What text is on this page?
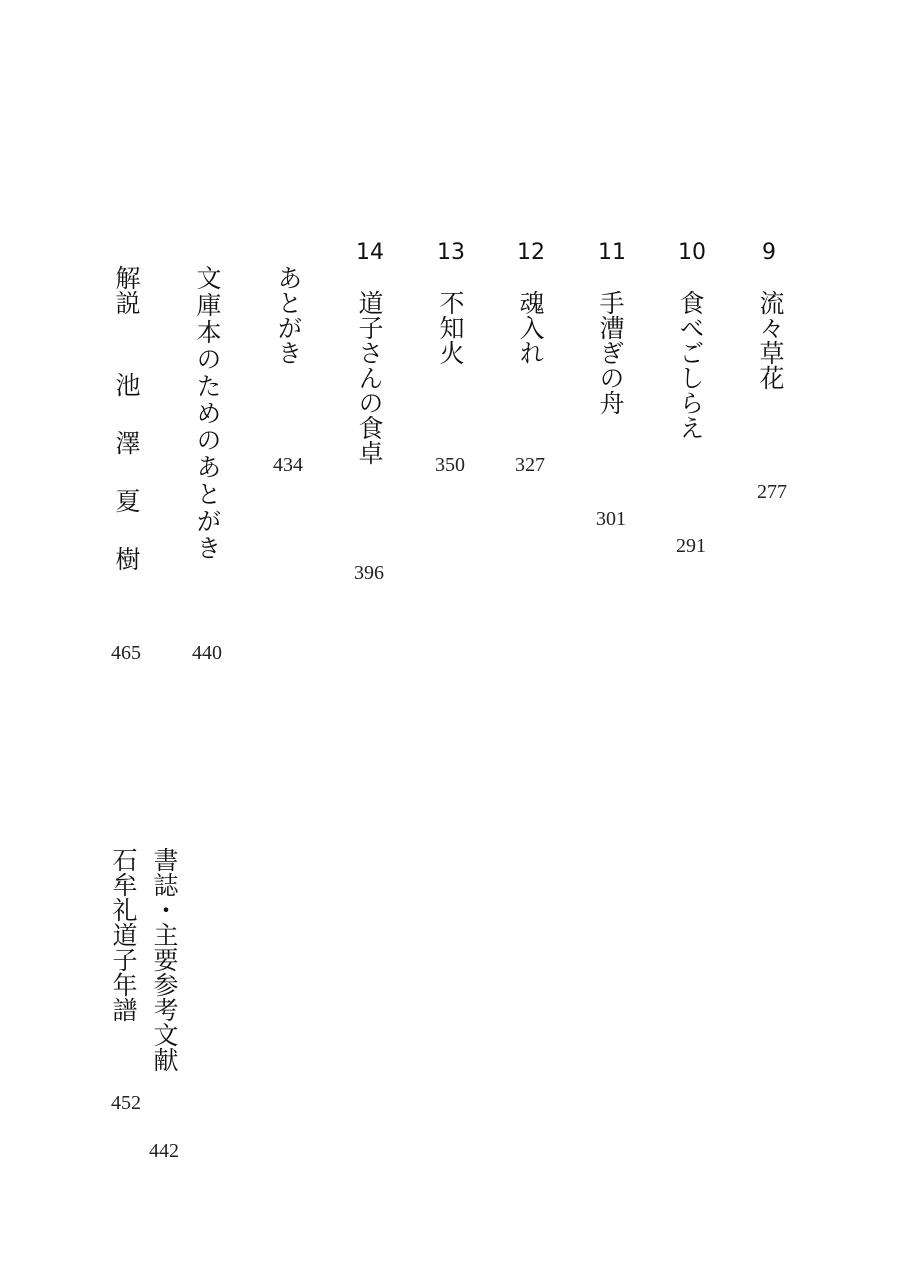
9
流々草花
277
10
食べごしらえ
291
11
手漕ぎの舟
301
12
魂入れ
327
13
不知火
350
14
道子さんの食卓
396
あとがき
434
文庫本のためのあとがき
440
解説
池澤夏樹
465
書誌・主要参考文献
442
石牟礼道子年譜
452
